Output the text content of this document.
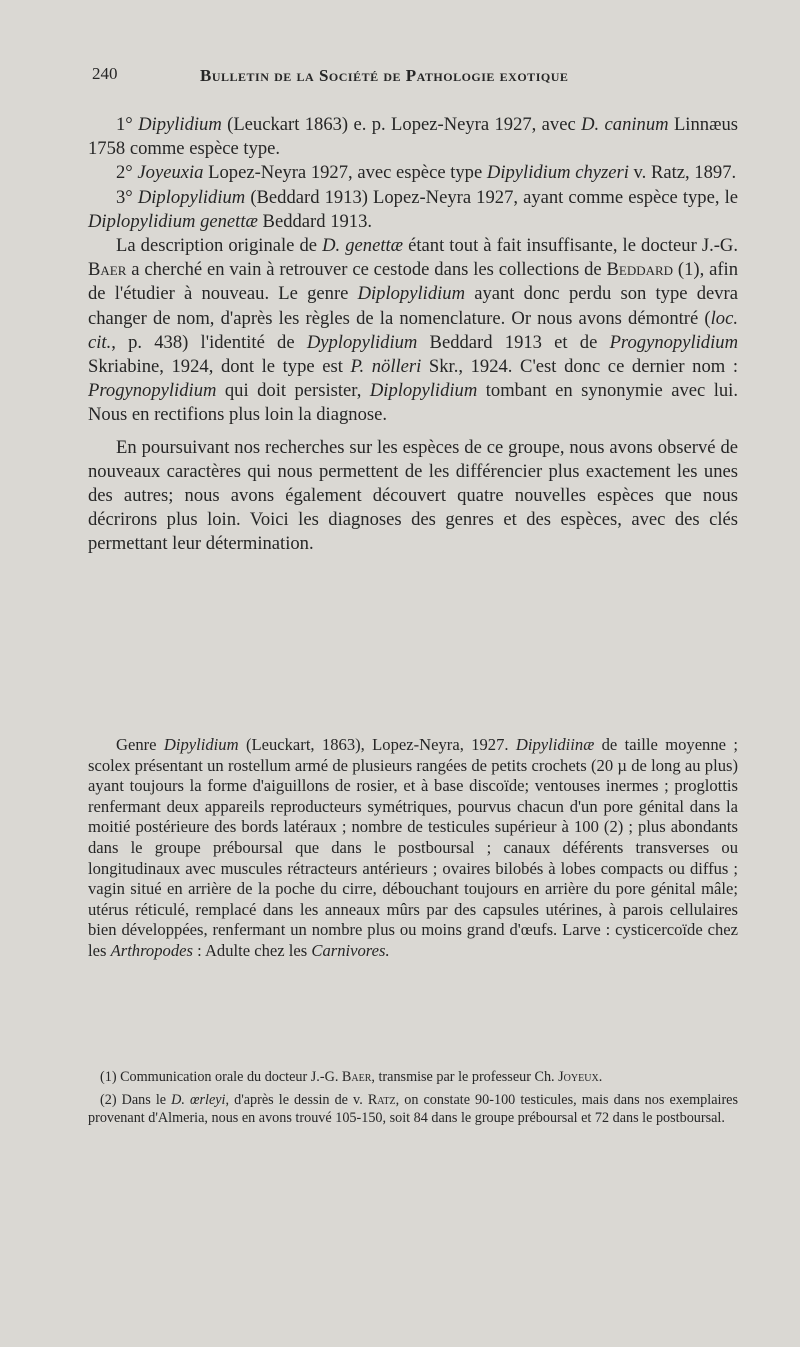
240	Bulletin de la Société de Pathologie exotique

1° Dipylidium (Leuckart 1863) e. p. Lopez-Neyra 1927, avec D. caninum Linnæus 1758 comme espèce type.

2° Joyeuxia Lopez-Neyra 1927, avec espèce type Dipylidium chyzeri v. Ratz, 1897.

3° Diplopylidium (Beddard 1913) Lopez-Neyra 1927, ayant comme espèce type, le Diplopylidium genettæ Beddard 1913.

La description originale de D. genettæ étant tout à fait insuffisante, le docteur J.-G. Baer a cherché en vain à retrouver ce cestode dans les collections de Beddard (1), afin de l'étudier à nouveau. Le genre Diplopylidium ayant donc perdu son type devra changer de nom, d'après les règles de la nomenclature. Or nous avons démontré (loc. cit., p. 438) l'identité de Dyplopylidium Beddard 1913 et de Progynopylidium Skriabine, 1924, dont le type est P. nölleri Skr., 1924. C'est donc ce dernier nom : Progynopylidium qui doit persister, Diplopylidium tombant en synonymie avec lui. Nous en rectifions plus loin la diagnose.

En poursuivant nos recherches sur les espèces de ce groupe, nous avons observé de nouveaux caractères qui nous permettent de les différencier plus exactement les unes des autres; nous avons également découvert quatre nouvelles espèces que nous décrirons plus loin. Voici les diagnoses des genres et des espèces, avec des clés permettant leur détermination.

Genre Dipylidium (Leuckart, 1863), Lopez-Neyra, 1927. Dipylidiinæ de taille moyenne ; scolex présentant un rostellum armé de plusieurs rangées de petits crochets (20 µ de long au plus) ayant toujours la forme d'aiguillons de rosier, et à base discoïde; ventouses inermes ; proglottis renfermant deux appareils reproducteurs symétriques, pourvus chacun d'un pore génital dans la moitié postérieure des bords latéraux ; nombre de testicules supérieur à 100 (2) ; plus abondants dans le groupe préboursal que dans le postboursal ; canaux déférents transverses ou longitudinaux avec muscules rétracteurs antérieurs ; ovaires bilobés à lobes compacts ou diffus ; vagin situé en arrière de la poche du cirre, débouchant toujours en arrière du pore génital mâle; utérus réticulé, remplacé dans les anneaux mûrs par des capsules utérines, à parois cellulaires bien développées, renfermant un nombre plus ou moins grand d'œufs. Larve : cysticercoïde chez les Arthropodes : Adulte chez les Carnivores.

(1) Communication orale du docteur J.-G. Baer, transmise par le professeur Ch. Joyeux.

(2) Dans le D. œrleyi, d'après le dessin de v. Ratz, on constate 90-100 testicules, mais dans nos exemplaires provenant d'Almeria, nous en avons trouvé 105-150, soit 84 dans le groupe préboursal et 72 dans le postboursal.
